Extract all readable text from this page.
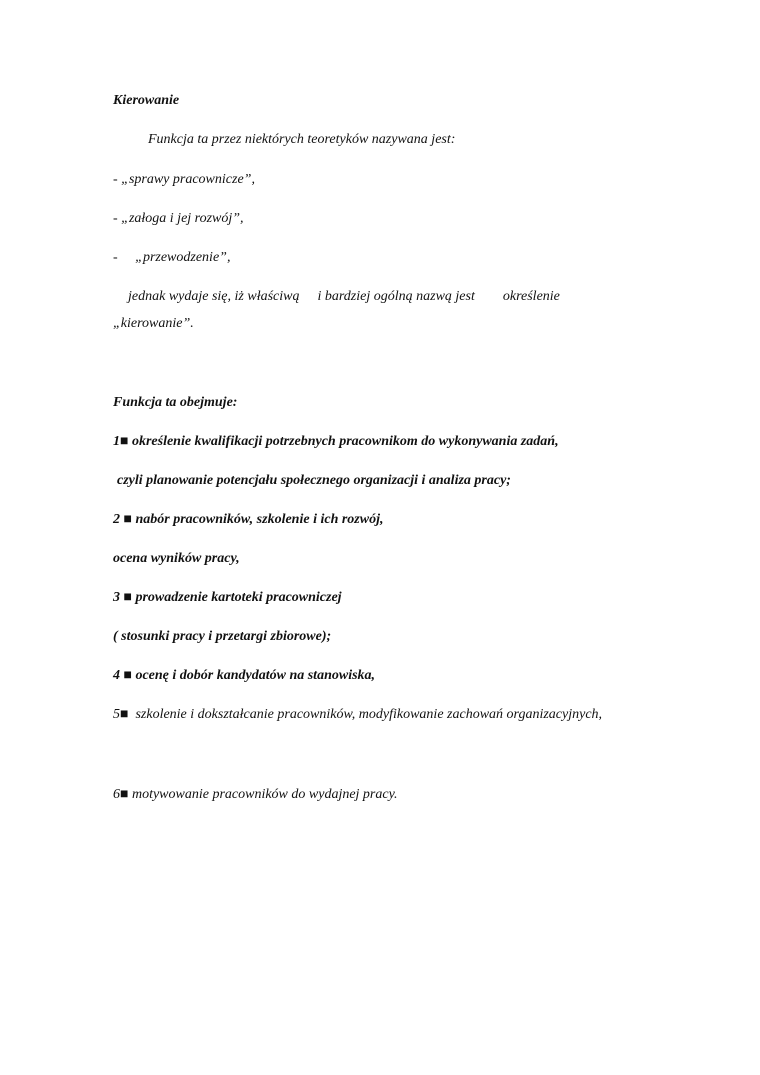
Kierowanie
Funkcja ta przez niektórych teoretyków nazywana jest:
- „sprawy pracownicze”,
- „załoga i jej rozwój”,
-     „przewodzenie”,
jednak wydaje się, iż właściwą i bardziej ogólną nazwą jest określenie
„kierowanie”.
Funkcja ta obejmuje:
1■ określenie kwalifikacji potrzebnych pracownikom do wykonywania zadań,
czyli planowanie potencjału społecznego organizacji i analiza pracy;
2 ■ nabór pracowników, szkolenie i ich rozwój,
ocena wyników pracy,
3 ■ prowadzenie kartoteki pracowniczej
( stosunki pracy i przetargi zbiorowe);
4 ■ ocenę i dobór kandydatów na stanowiska,
5■  szkolenie i dokształcanie pracowników, modyfikowanie zachowań organizacyjnych,
6■ motywowanie pracowników do wydajnej pracy.
